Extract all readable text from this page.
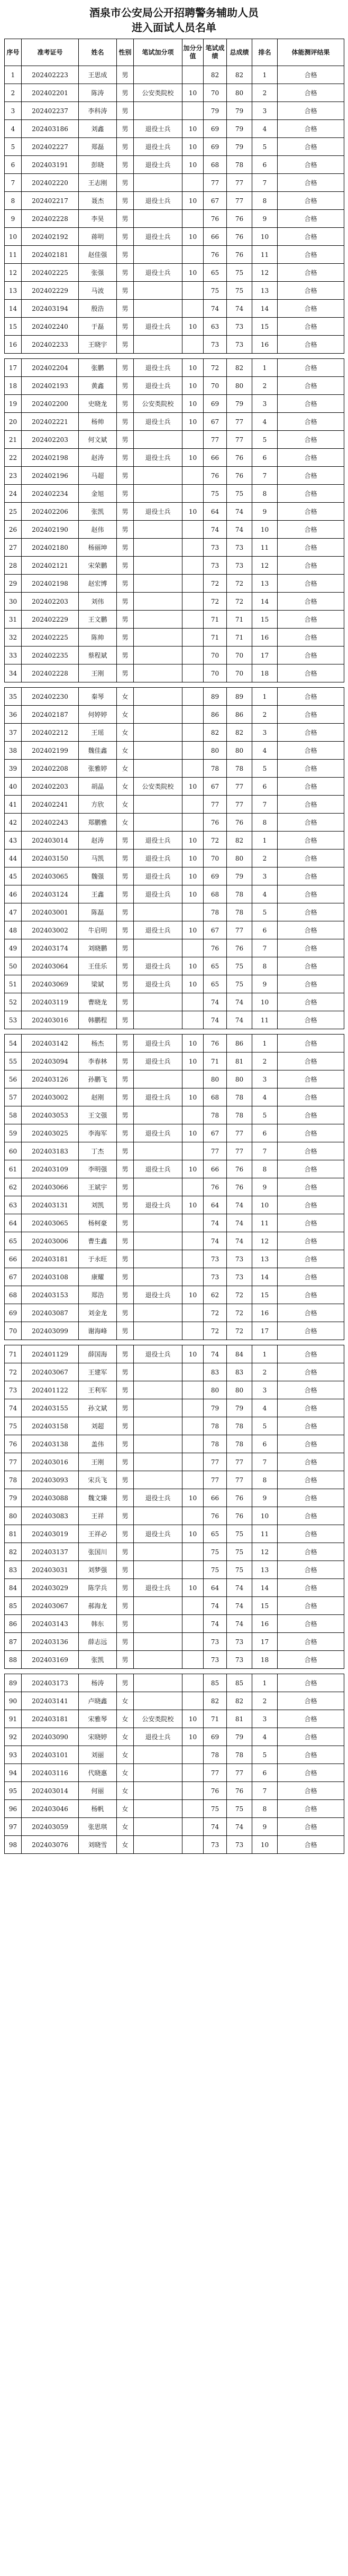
酒泉市公安局公开招聘警务辅助人员
进入面试人员名单
序号	准考证号	姓名	性别	笔试加分项	加分分值	笔试成绩	总成绩	排名	体能测评结果
1	202402223	王思成	男			82	82	1	合格
2	202402201	陈涛	男	公安类院校	10	70	80	2	合格
3	202402237	李科涛	男			79	79	3	合格
4	202403186	刘鑫	男	退役士兵	10	69	79	4	合格
5	202402227	郑磊	男	退役士兵	10	69	79	5	合格
6	202403191	彭晓	男	退役士兵	10	68	78	6	合格
7	202402220	王志刚	男			77	77	7	合格
8	202402217	聂杰	男	退役士兵	10	67	77	8	合格
9	202402228	李昊	男			76	76	9	合格
10	202402192	蒋明	男	退役士兵	10	66	76	10	合格
11	202402181	赵佳强	男			76	76	11	合格
12	202402225	张强	男	退役士兵	10	65	75	12	合格
13	202402229	马波	男			75	75	13	合格
14	202403194	殷浩	男			74	74	14	合格
15	202402240	于磊	男	退役士兵	10	63	73	15	合格
16	202402233	王晓宇	男			73	73	16	合格

17	202402204	张鹏	男	退役士兵	10	72	82	1	合格
18	202402193	黄鑫	男	退役士兵	10	70	80	2	合格
19	202402200	史晓龙	男	公安类院校	10	69	79	3	合格
20	202402221	杨帅	男	退役士兵	10	67	77	4	合格
21	202402203	何文斌	男			77	77	5	合格
22	202402198	赵涛	男	退役士兵	10	66	76	6	合格
23	202402196	马超	男			76	76	7	合格
24	202402234	金旭	男			75	75	8	合格
25	202402206	张凯	男	退役士兵	10	64	74	9	合格
26	202402190	赵伟	男			74	74	10	合格
27	202402180	杨丽坤	男			73	73	11	合格
28	202402121	宋荣鹏	男			73	73	12	合格
29	202402198	赵宏博	男			72	72	13	合格
30	202402203	刘伟	男			72	72	14	合格
31	202402229	王文鹏	男			71	71	15	合格
32	202402225	陈帅	男			71	71	16	合格
33	202402235	蔡程斌	男			70	70	17	合格
34	202402228	王刚	男			70	70	18	合格

35	202402230	秦琴	女			89	89	1	合格
36	202402187	何婷婷	女			86	86	2	合格
37	202402212	王瑶	女			82	82	3	合格
38	202402199	魏佳鑫	女			80	80	4	合格
39	202402208	张雅婷	女			78	78	5	合格
40	202402203	胡晶	女	公安类院校	10	67	77	6	合格
41	202402241	方欣	女			77	77	7	合格
42	202402243	郑鹏雅	女			76	76	8	合格
43	202403014	赵涛	男	退役士兵	10	72	82	1	合格
44	202403150	马凯	男	退役士兵	10	70	80	2	合格
45	202403065	魏强	男	退役士兵	10	69	79	3	合格
46	202403124	王鑫	男	退役士兵	10	68	78	4	合格
47	202403001	陈磊	男			78	78	5	合格
48	202403002	牛启明	男	退役士兵	10	67	77	6	合格
49	202403174	刘晓鹏	男			76	76	7	合格
50	202403064	王佳乐	男	退役士兵	10	65	75	8	合格
51	202403069	梁斌	男	退役士兵	10	65	75	9	合格
52	202403119	曹晓龙	男			74	74	10	合格
53	202403016	韩鹏程	男			74	74	11	合格

54	202403142	杨杰	男	退役士兵	10	76	86	1	合格
55	202403094	李春林	男	退役士兵	10	71	81	2	合格
56	202403126	孙鹏飞	男			80	80	3	合格
57	202403002	赵刚	男	退役士兵	10	68	78	4	合格
58	202403053	王文强	男			78	78	5	合格
59	202403025	李海军	男	退役士兵	10	67	77	6	合格
60	202403183	丁杰	男			77	77	7	合格
61	202403109	李明强	男	退役士兵	10	66	76	8	合格
62	202403066	王斌宇	男			76	76	9	合格
63	202403131	刘凯	男	退役士兵	10	64	74	10	合格
64	202403065	杨柯豪	男			74	74	11	合格
65	202403006	曹生鑫	男			74	74	12	合格
66	202403181	于永旺	男			73	73	13	合格
67	202403108	康耀	男			73	73	14	合格
68	202403153	郑浩	男	退役士兵	10	62	72	15	合格
69	202403087	刘金龙	男			72	72	16	合格
70	202403099	谢海峰	男			72	72	17	合格

71	202401129	薛国海	男	退役士兵	10	74	84	1	合格
72	202403067	王建军	男			83	83	2	合格
73	202401122	王利军	男			80	80	3	合格
74	202403155	孙文斌	男			79	79	4	合格
75	202403158	刘超	男			78	78	5	合格
76	202403138	盖伟	男			78	78	6	合格
77	202403016	王刚	男			77	77	7	合格
78	202403093	宋兵飞	男			77	77	8	合格
79	202403088	魏文臻	男	退役士兵	10	66	76	9	合格
80	202403083	王祥	男			76	76	10	合格
81	202403019	王祥必	男	退役士兵	10	65	75	11	合格
82	202403137	张国川	男			75	75	12	合格
83	202403031	刘梦强	男			75	75	13	合格
84	202403029	陈学兵	男	退役士兵	10	64	74	14	合格
85	202403067	郝海龙	男			74	74	15	合格
86	202403143	韩东	男			74	74	16	合格
87	202403136	薛志远	男			73	73	17	合格
88	202403169	张凯	男			73	73	18	合格

89	202403173	杨涛	男			85	85	1	合格
90	202403141	卢晓鑫	女			82	82	2	合格
91	202403181	宋雅琴	女	公安类院校	10	71	81	3	合格
92	202403090	宋晓婷	女	退役士兵	10	69	79	4	合格
93	202403101	刘丽	女			78	78	5	合格
94	202403116	代晓惠	女			77	77	6	合格
95	202403014	何丽	女			76	76	7	合格
96	202403046	杨帆	女			75	75	8	合格
97	202403059	张思琪	女			74	74	9	合格
98	202403076	刘晓雪	女			73	73	10	合格
